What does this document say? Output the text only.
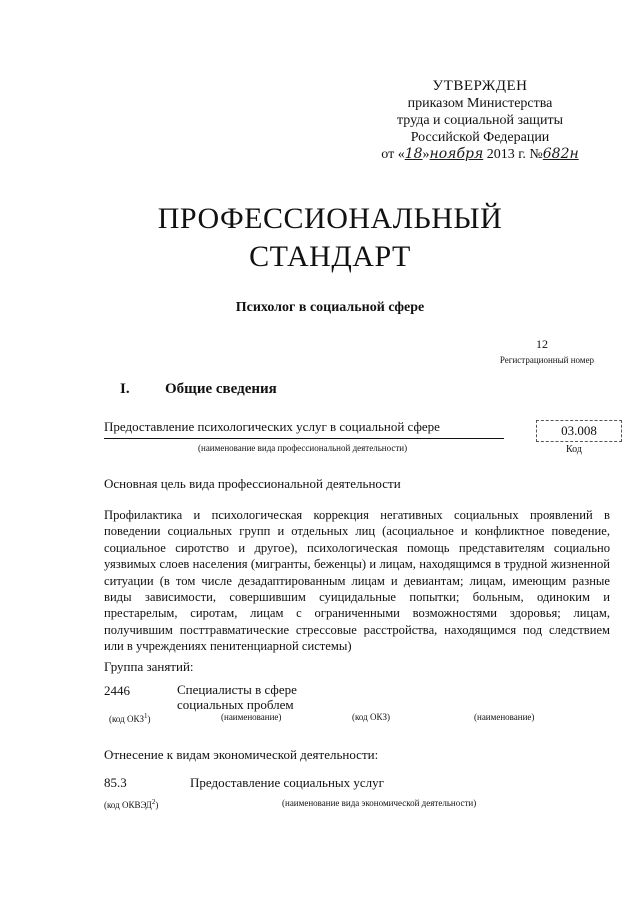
УТВЕРЖДЕН
приказом Министерства
труда и социальной защиты
Российской Федерации
от «18»ноября 2013 г. №682н
ПРОФЕССИОНАЛЬНЫЙ
СТАНДАРТ
Психолог в социальной сфере
12
Регистрационный номер
I. Общие сведения
Предоставление психологических услуг в социальной сфере	03.008
(наименование вида профессиональной деятельности)	Код
Основная цель вида профессиональной деятельности
Профилактика и психологическая коррекция негативных социальных проявлений в поведении социальных групп и отдельных лиц (асоциальное и конфликтное поведение, социальное сиротство и другое), психологическая помощь представителям социально уязвимых слоев населения (мигранты, беженцы) и лицам, находящимся в трудной жизненной ситуации (в том числе дезадаптированным лицам и девиантам; лицам, имеющим разные виды зависимости, совершившим суицидальные попытки; больным, одиноким и престарелым, сиротам, лицам с ограниченными возможностями здоровья; лицам, получившим посттравматические стрессовые расстройства, находящимся под следствием или в учреждениях пенитенциарной системы)
Группа занятий:
2446	Специалисты в сфере социальных проблем
(код ОКЗ$^1$)	(наименование)	(код ОКЗ)	(наименование)
Отнесение к видам экономической деятельности:
85.3	Предоставление социальных услуг
(код ОКВЭД$^2$)	(наименование вида экономической деятельности)
